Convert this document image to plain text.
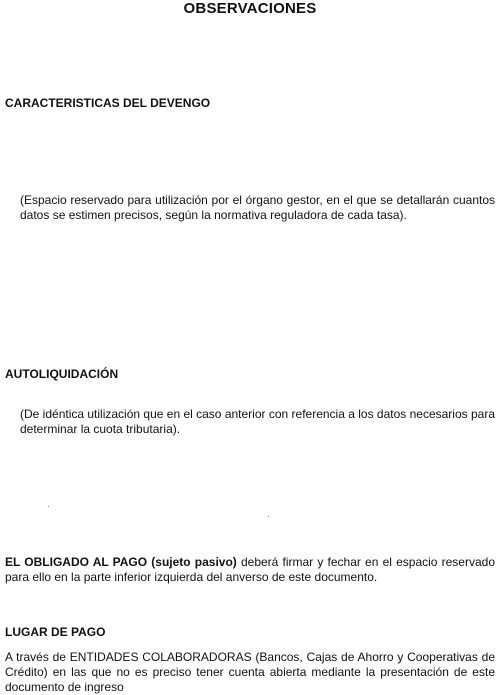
OBSERVACIONES
CARACTERISTICAS DEL DEVENGO
(Espacio reservado para utilización por el órgano gestor, en el que se detallarán cuantos datos se estimen precisos, según la normativa reguladora de cada tasa).
AUTOLIQUIDACIÓN
(De idéntica utilización que en el caso anterior con referencia a los datos necesarios para determinar la cuota tributaria).
EL OBLIGADO AL PAGO (sujeto pasivo) deberá firmar y fechar en el espacio reservado para ello en la parte inferior izquierda del anverso de este documento.
LUGAR DE PAGO
A través de ENTIDADES COLABORADORAS (Bancos, Cajas de Ahorro y Cooperativas de Crédito) en las que no es preciso tener cuenta abierta mediante la presentación de este documento de ingreso
